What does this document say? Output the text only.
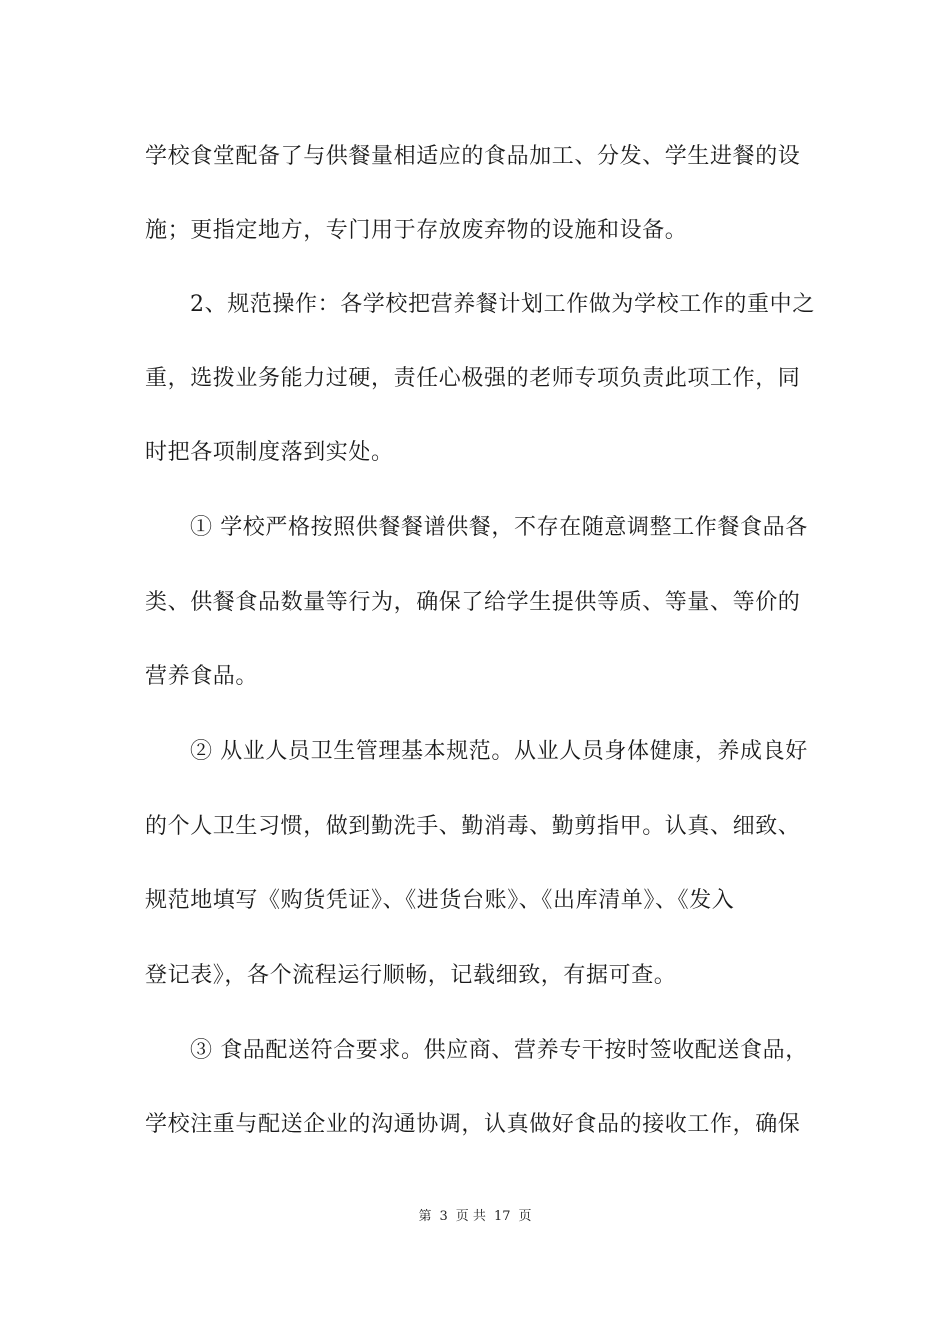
学校食堂配备了与供餐量相适应的食品加工、分发、学生进餐的设
施；更指定地方，专门用于存放废弃物的设施和设备。
2、规范操作：各学校把营养餐计划工作做为学校工作的重中之
重，选拨业务能力过硬，责任心极强的老师专项负责此项工作，同
时把各项制度落到实处。
① 学校严格按照供餐餐谱供餐，不存在随意调整工作餐食品各
类、供餐食品数量等行为，确保了给学生提供等质、等量、等价的
营养食品。
② 从业人员卫生管理基本规范。从业人员身体健康，养成良好
的个人卫生习惯，做到勤洗手、勤消毒、勤剪指甲。认真、细致、
规范地填写《购货凭证》、《进货台账》、《出库清单》、《发入
登记表》，各个流程运行顺畅，记载细致，有据可查。
③ 食品配送符合要求。供应商、营养专干按时签收配送食品，
学校注重与配送企业的沟通协调，认真做好食品的接收工作，确保
第 3 页 共 17 页
